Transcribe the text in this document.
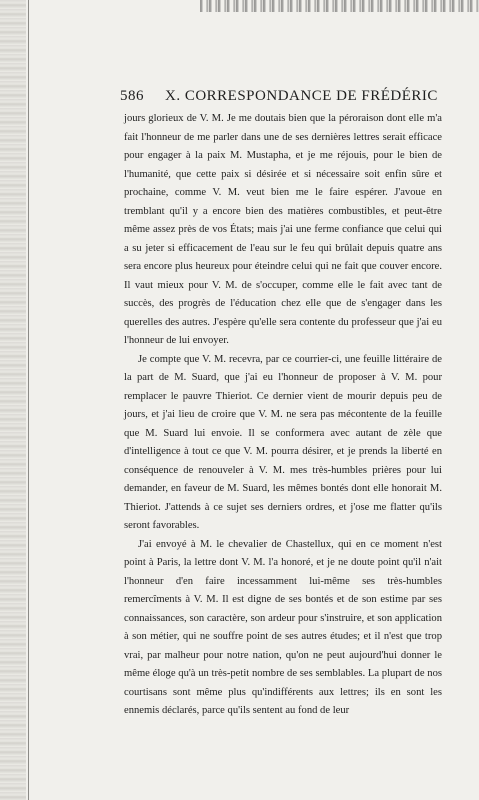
586 X. CORRESPONDANCE DE FRÉDÉRIC

jours glorieux de V. M. Je me doutais bien que la péroraison dont elle m'a fait l'honneur de me parler dans une de ses dernières lettres serait efficace pour engager à la paix M. Mustapha, et je me réjouis, pour le bien de l'humanité, que cette paix si désirée et si nécessaire soit enfin sûre et prochaine, comme V. M. veut bien me le faire espérer. J'avoue en tremblant qu'il y a encore bien des matières combustibles, et peut-être même assez près de vos États; mais j'ai une ferme confiance que celui qui a su jeter si efficacement de l'eau sur le feu qui brûlait depuis quatre ans sera encore plus heureux pour éteindre celui qui ne fait que couver encore. Il vaut mieux pour V. M. de s'occuper, comme elle le fait avec tant de succès, des progrès de l'éducation chez elle que de s'engager dans les querelles des autres. J'espère qu'elle sera contente du professeur que j'ai eu l'honneur de lui envoyer.

Je compte que V. M. recevra, par ce courrier-ci, une feuille littéraire de la part de M. Suard, que j'ai eu l'honneur de proposer à V. M. pour remplacer le pauvre Thieriot. Ce dernier vient de mourir depuis peu de jours, et j'ai lieu de croire que V. M. ne sera pas mécontente de la feuille que M. Suard lui envoie. Il se conformera avec autant de zèle que d'intelligence à tout ce que V. M. pourra désirer, et je prends la liberté en conséquence de renouveler à V. M. mes très-humbles prières pour lui demander, en faveur de M. Suard, les mêmes bontés dont elle honorait M. Thieriot. J'attends à ce sujet ses derniers ordres, et j'ose me flatter qu'ils seront favorables.

J'ai envoyé à M. le chevalier de Chastellux, qui en ce moment n'est point à Paris, la lettre dont V. M. l'a honoré, et je ne doute point qu'il n'ait l'honneur d'en faire incessamment lui-même ses très-humbles remercîments à V. M. Il est digne de ses bontés et de son estime par ses connaissances, son caractère, son ardeur pour s'instruire, et son application à son métier, qui ne souffre point de ses autres études; et il n'est que trop vrai, par malheur pour notre nation, qu'on ne peut aujourd'hui donner le même éloge qu'à un très-petit nombre de ses semblables. La plupart de nos courtisans sont même plus qu'indifférents aux lettres; ils en sont les ennemis déclarés, parce qu'ils sentent au fond de leur
